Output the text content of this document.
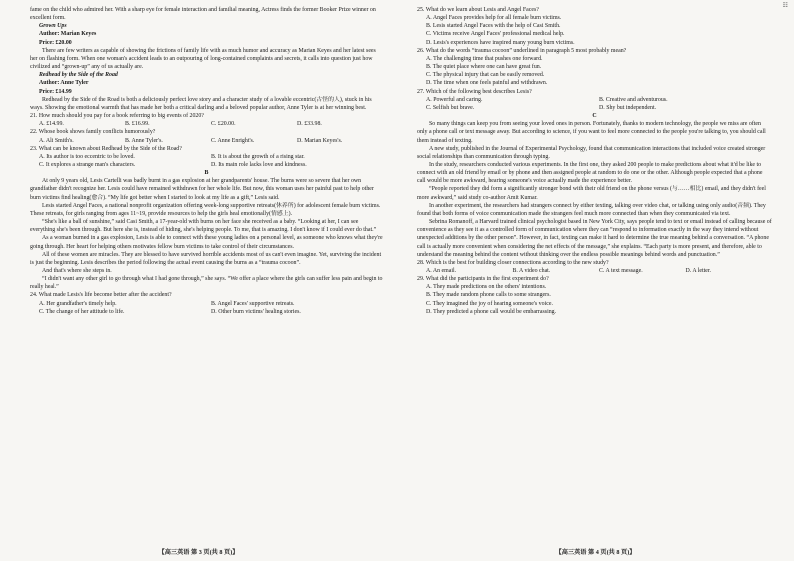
☷

fame on the child who admired her. With a sharp eye for female interaction and familial meaning, Actress finds the former Booker Prize winner on excellent form.

Grown Ups

Author: Marian Keyes

Price: £20.00

There are few writers as capable of showing the frictions of family life with as much humor and accuracy as Marian Keyes and her latest sees her on flashing form. When one woman's accident leads to an outpouring of long-contained complaints and secrets, it calls into question just how civilized and “grown-up” any of us actually are.

Redhead by the Side of the Road

Author: Anne Tyler

Price: £14.99

Redhead by the Side of the Road is both a deliciously perfect love story and a character study of a lovable eccentric(古怪的人), stuck in his ways. Showing the emotional warmth that has made her both a critical darling and a beloved popular author, Anne Tyler is at her winning best.

21. How much should you pay for a book referring to big events of 2020?

A. £14.99.	B. £16.99.	C. £20.00.	D. £33.98.

22. Whose book shows family conflicts humorously?

A. Ali Smith's.	B. Anne Tyler's.	C. Anne Enright's.	D. Marian Keyes's.

23. What can be known about Redhead by the Side of the Road?

A. Its author is too eccentric to be loved.	B. It is about the growth of a rising star.
C. It explores a strange man's characters.	D. Its main role lacks love and kindness.

B

At only 9 years old, Lesis Cartelli was badly burnt in a gas explosion at her grandparents' house. The burns were so severe that her own grandfather didn't recognize her. Lesis could have remained withdrawn for her whole life. But now, this woman uses her painful past to help other burn victims find healing(愈合). “My life got better when I started to look at my life as a gift,” Lesis said.

Lesis started Angel Faces, a national nonprofit organization offering week-long supportive retreats(休养所) for adolescent female burn victims. These retreats, for girls ranging from ages 11~19, provide resources to help the girls heal emotionally(情感上).

“She's like a ball of sunshine,” said Casi Smith, a 17-year-old with burns on her face she received as a baby. “Looking at her, I can see everything she's been through. But here she is, instead of hiding, she's helping people. To me, that is amazing. I don't know if I could ever do that.”

As a woman burned in a gas explosion, Lesis is able to connect with these young ladies on a personal level, as someone who knows what they're going through. Her heart for helping others motivates fellow burn victims to take control of their circumstances.

All of these women are miracles. They are blessed to have survived horrible accidents most of us can't even imagine. Yet, surviving the incident is just the beginning. Lesis describes the period following the actual event causing the burns as a “trauma cocoon”.

And that's where she steps in.

“I didn't want any other girl to go through what I had gone through,” she says. “We offer a place where the girls can suffer less pain and begin to really heal.”

24. What made Lesis's life become better after the accident?

A. Her grandfather's timely help.	B. Angel Faces' supportive retreats.
C. The change of her attitude to life.	D. Other burn victims' healing stories.
【高三英语 第 3 页(共 8 页)】

25. What do we learn about Lesis and Angel Faces?

A. Angel Faces provides help for all female burn victims.

B. Lesis started Angel Faces with the help of Casi Smith.

C. Victims receive Angel Faces' professional medical help.

D. Lesis's experiences have inspired many young burn victims.

26. What do the words “trauma cocoon” underlined in paragraph 5 most probably mean?

A. The challenging time that pushes one forward.

B. The quiet place where one can have great fun.

C. The physical injury that can be easily removed.

D. The time when one feels painful and withdrawn.

27. Which of the following best describes Lesis?

A. Powerful and caring.	B. Creative and adventurous.
C. Selfish but brave.	D. Shy but independent.

C

So many things can keep you from seeing your loved ones in person. Fortunately, thanks to modern technology, the people we miss are often only a phone call or text message away. But according to science, if you want to feel more connected to the people you're talking to, you should call them instead of texting.

A new study, published in the Journal of Experimental Psychology, found that communication interactions that included voice created stronger social relationships than communication through typing.

In the study, researchers conducted various experiments. In the first one, they asked 200 people to make predictions about what it'd be like to connect with an old friend by email or by phone and then assigned people at random to do one or the other. Although people expected that a phone call would be more awkward, hearing someone's voice actually made the experience better.

“People reported they did form a significantly stronger bond with their old friend on the phone versus (与……相比) email, and they didn't feel more awkward,” said study co-author Amit Kumar.

In another experiment, the researchers had strangers connect by either texting, talking over video chat, or talking using only audio(音频). They found that both forms of voice communication made the strangers feel much more connected than when they communicated via text.

Sebrina Romanoff, a Harvard trained clinical psychologist based in New York City, says people tend to text or email instead of calling because of convenience as they see it as a controlled form of communication where they can “respond to information exactly in the way they intend without unexpected additions by the other person”. However, in fact, texting can make it hard to determine the true meaning behind a conversation. “A phone call is actually more convenient when considering the net effects of the message,” she explains. “Each party is more present, and therefore, able to understand the meaning behind the content without thinking over the endless possible meanings behind words and punctuation.”

28. Which is the best for building closer connections according to the new study?

A. An email.	B. A video chat.	C. A text message.	D. A letter.

29. What did the participants in the first experiment do?

A. They made predictions on the others' intentions.

B. They made random phone calls to some strangers.

C. They imagined the joy of hearing someone's voice.

D. They predicted a phone call would be embarrassing.

【高三英语 第 4 页(共 8 页)】
